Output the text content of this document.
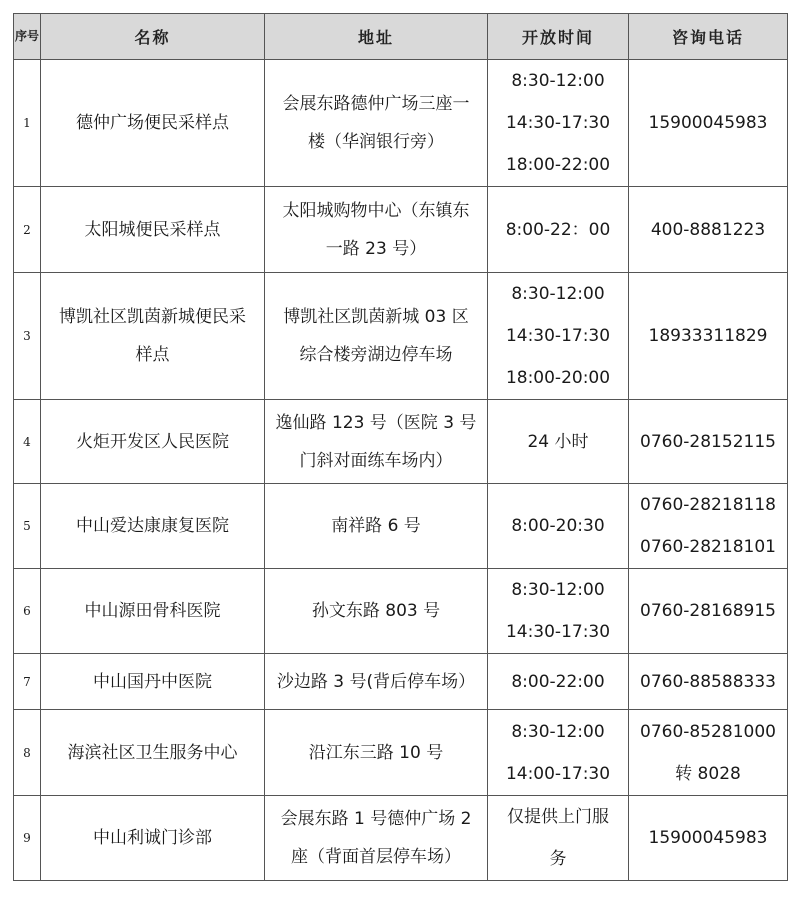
序号	名称	地址	开放时间	咨询电话
1	德仲广场便民采样点	会展东路德仲广场三座一
楼（华润银行旁）	8:30-12:00
14:30-17:30
18:00-22:00	15900045983

2	太阳城便民采样点	太阳城购物中心（东镇东
一路 23 号）	8:00-22：00	400-8881223

3	博凯社区凯茵新城便民采
样点	博凯社区凯茵新城 03 区
综合楼旁湖边停车场	8:30-12:00
14:30-17:30
18:00-20:00	18933311829

4	火炬开发区人民医院	逸仙路 123 号（医院 3 号
门斜对面练车场内）	24 小时	0760-28152115

5	中山爱达康康复医院	南祥路 6 号	8:00-20:30	0760-28218118
0760-28218101

6	中山源田骨科医院	孙文东路 803 号	8:30-12:00
14:30-17:30	0760-28168915

7	中山国丹中医院	沙边路 3 号(背后停车场）	8:00-22:00	0760-88588333

8	海滨社区卫生服务中心	沿江东三路 10 号	8:30-12:00
14:00-17:30	0760-85281000
转 8028

9	中山利诚门诊部	会展东路 1 号德仲广场 2
座（背面首层停车场）	仅提供上门服
务	15900045983
